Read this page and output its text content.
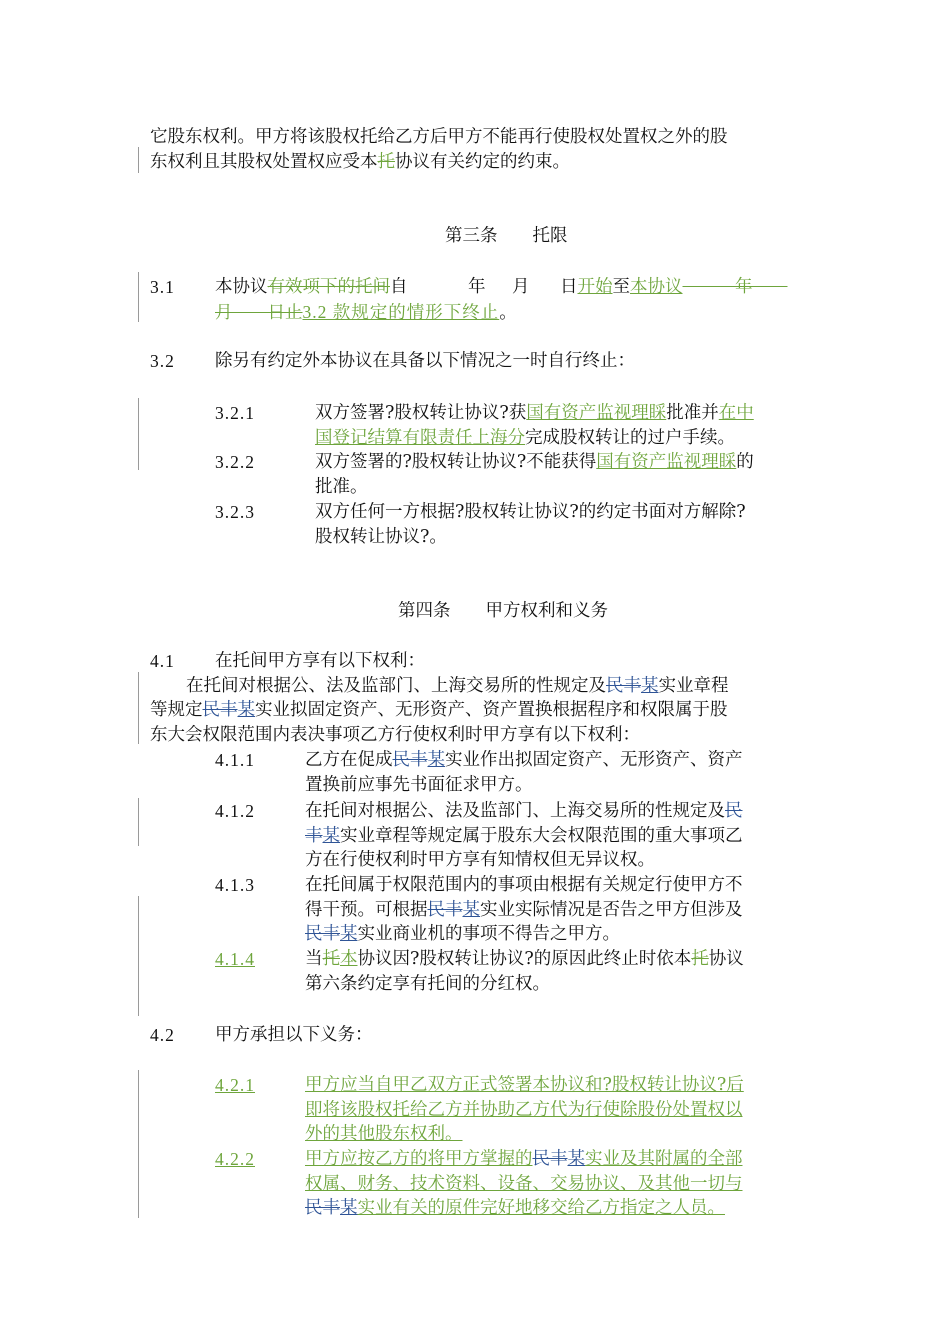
它股东权利。甲方将该股权托给乙方后甲方不能再行使股权处置权之外的股
东权利且其股权处置权应受本托协议有关约定的约束。
第三条　　托限
3.1 本协议有效项下的托间自	年 月 日开始至本协议　　　年　　
月　　日止3.2 款规定的情形下终止。
3.2 除另有约定外本协议在具备以下情况之一时自行终止：
3.2.1	双方签署?股权转让协议?获国有资产监视理睬批准并在中
国登记结算有限责任上海分完成股权转让的过户手续。
3.2.2	双方签署的?股权转让协议?不能获得国有资产监视理睬的
批准。
3.2.3	双方任何一方根据?股权转让协议?的约定书面对方解除?
股权转让协议?。
第四条　　甲方权利和义务
4.1 在托间甲方享有以下权利：
在托间对根据公、法及监部门、上海交易所的性规定及民丰某实业章程
等规定民丰某实业拟固定资产、无形资产、资产置换根据程序和权限属于股
东大会权限范围内表决事项乙方行使权利时甲方享有以下权利：
4.1.1	乙方在促成民丰某实业作出拟固定资产、无形资产、资产
置换前应事先书面征求甲方。
4.1.2	在托间对根据公、法及监部门、上海交易所的性规定及民
丰某实业章程等规定属于股东大会权限范围的重大事项乙
方在行使权利时甲方享有知情权但无异议权。
4.1.3	在托间属于权限范围内的事项由根据有关规定行使甲方不
得干预。可根据民丰某实业实际情况是否告之甲方但涉及
民丰某实业商业机的事项不得告之甲方。
4.1.4	当托本协议因?股权转让协议?的原因此终止时依本托协议
第六条约定享有托间的分红权。
4.2 甲方承担以下义务：
4.2.1	甲方应当自甲乙双方正式签署本协议和?股权转让协议?后
即将该股权托给乙方并协助乙方代为行使除股份处置权以
外的其他股东权利。
4.2.2	甲方应按乙方的将甲方掌握的民丰某实业及其附属的全部
权属、财务、技术资料、设备、交易协议、及其他一切与
民丰某实业有关的原件完好地移交给乙方指定之人员。
